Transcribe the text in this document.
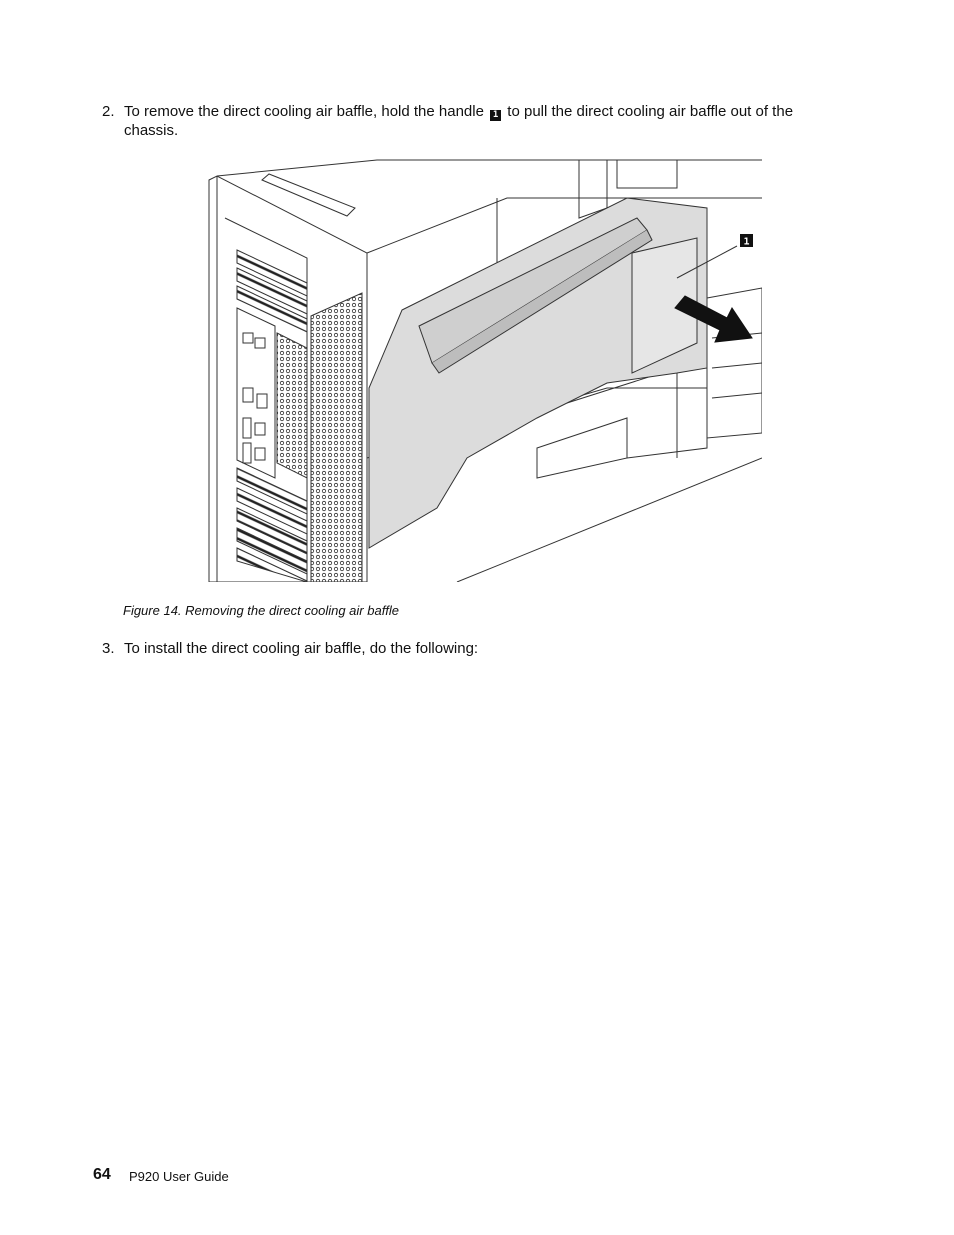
2. To remove the direct cooling air baffle, hold the handle 1 to pull the direct cooling air baffle out of the chassis.
1
Figure 14. Removing the direct cooling air baffle
3. To install the direct cooling air baffle, do the following:
64 P920 User Guide
